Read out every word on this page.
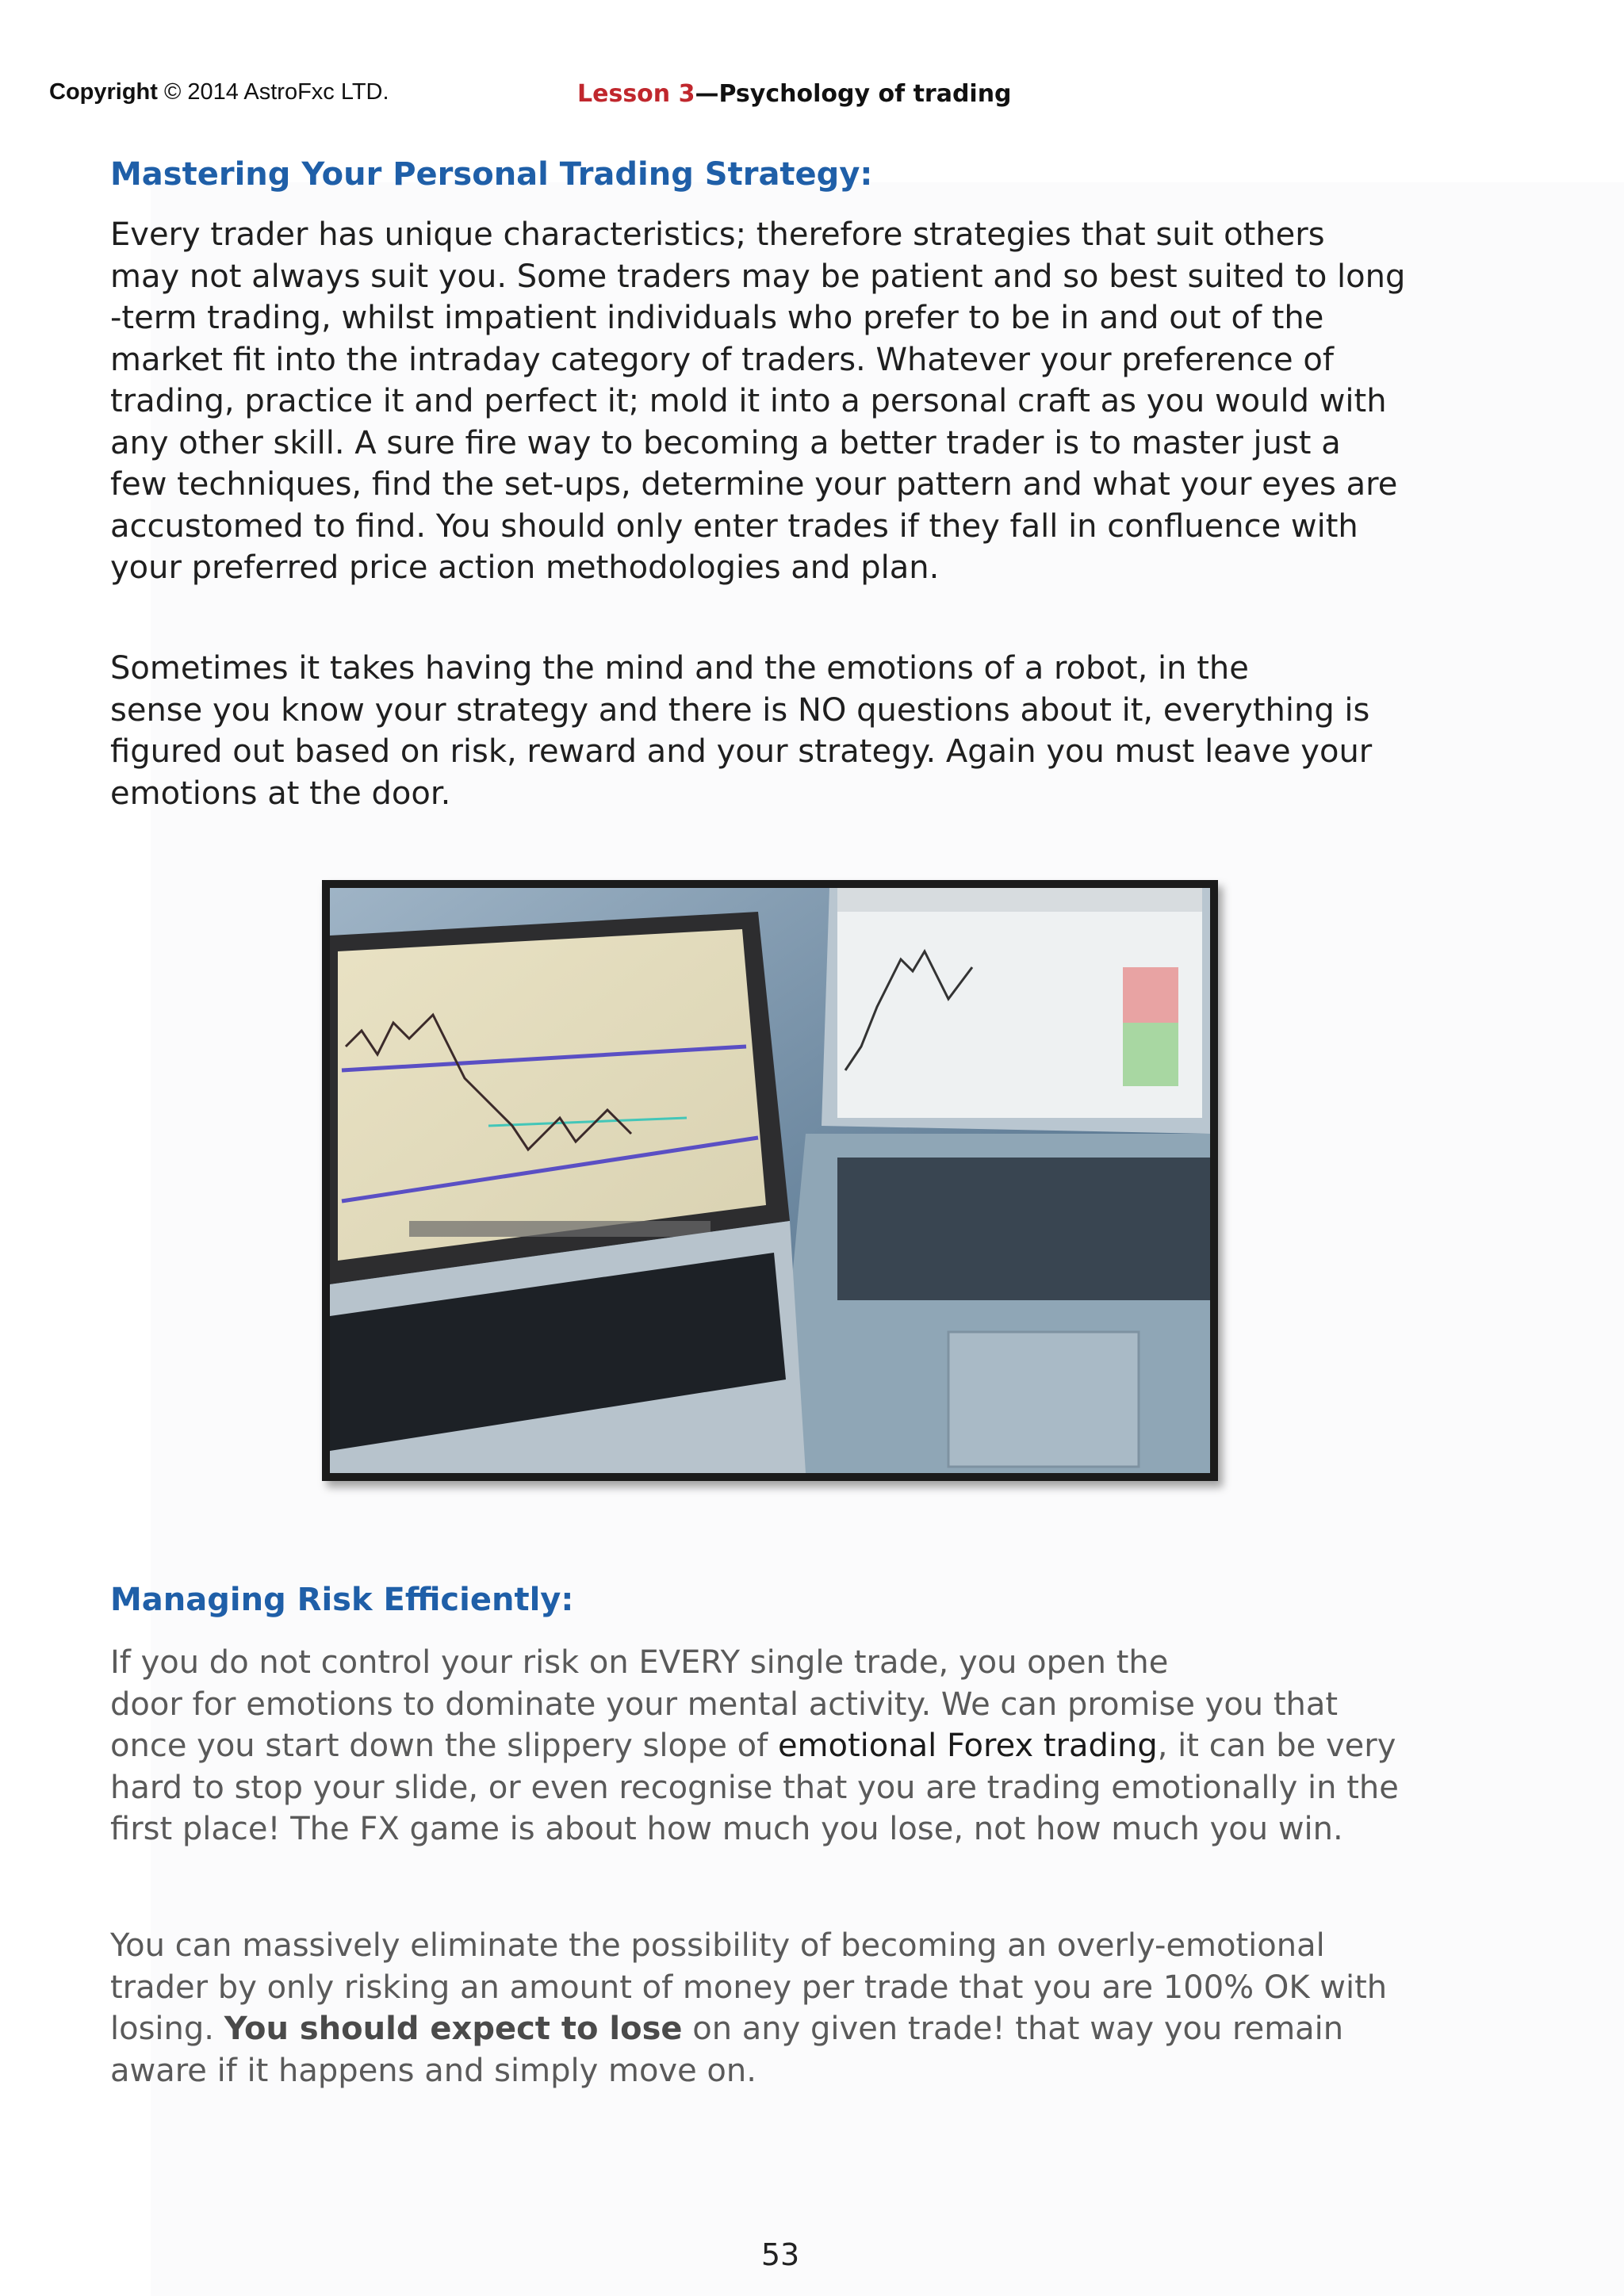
Copyright © 2014 AstroFxc LTD.	Lesson 3—Psychology of trading
Mastering Your Personal Trading Strategy:

Every trader has unique characteristics; therefore strategies that suit others
may not always suit you. Some traders may be patient and so best suited to long
-term trading, whilst impatient individuals who prefer to be in and out of the
market fit into the intraday category of traders. Whatever your preference of
trading, practice it and perfect it; mold it into a personal craft as you would with
any other skill. A sure fire way to becoming a better trader is to master just a
few techniques, find the set-ups, determine your pattern and what your eyes are
accustomed to find. You should only enter trades if they fall in confluence with
your preferred price action methodologies and plan.

Sometimes it takes having the mind and the emotions of a robot, in the
sense you know your strategy and there is NO questions about it, everything is
figured out based on risk, reward and your strategy. Again you must leave your
emotions at the door.

Managing Risk Efficiently:

If you do not control your risk on EVERY single trade, you open the
door for emotions to dominate your mental activity. We can promise you that
once you start down the slippery slope of emotional Forex trading, it can be very
hard to stop your slide, or even recognise that you are trading emotionally in the
first place! The FX game is about how much you lose, not how much you win.

You can massively eliminate the possibility of becoming an overly-emotional
trader by only risking an amount of money per trade that you are 100% OK with
losing. You should expect to lose on any given trade! that way you remain
aware if it happens and simply move on.

53
